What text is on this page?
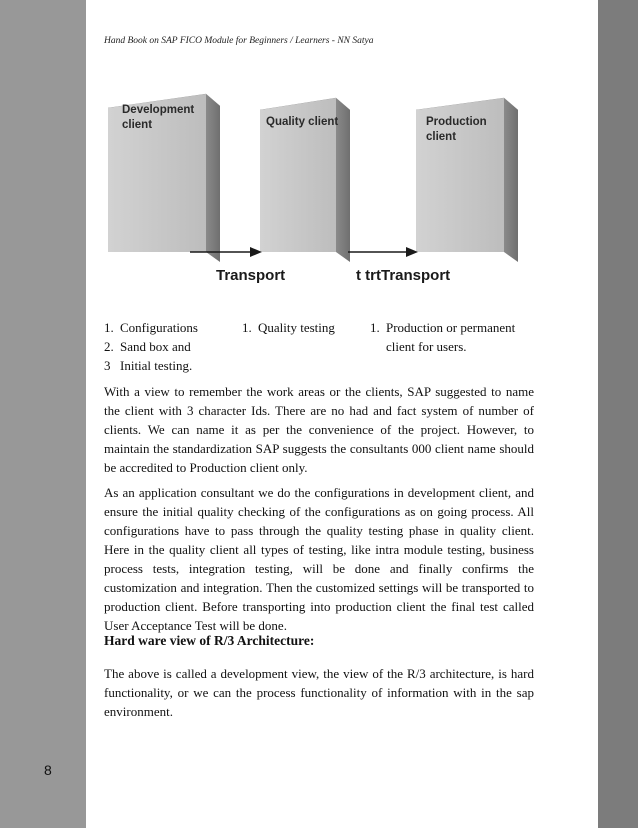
Hand Book on SAP FICO Module for Beginners / Learners - NN Satya
Development
client	Quality client	Production
client
Transport	t trtTransport
1. Configurations
2. Sand box and
3 Initial testing.
1. Quality testing	1. Production or permanent
client for users.

With a view to remember the work areas or the clients, SAP suggested to name the client with 3 character Ids. There are no had and fact system of number of clients. We can name it as per the convenience of the project. However, to maintain the standardization SAP suggests the consultants 000 client name should be accredited to Production client only.

As an application consultant we do the configurations in development client, and ensure the initial quality checking of the configurations as on going process. All configurations have to pass through the quality testing phase in quality client. Here in the quality client all types of testing, like intra module testing, business process tests, integration testing, will be done and finally confirms the customization and integration. Then the customized settings will be transported to production client. Before transporting into production client the final test called User Acceptance Test will be done.

Hard ware view of R/3 Architecture:

The above is called a development view, the view of the R/3 architecture, is hard functionality, or we can the process functionality of information with in the sap environment.

8
